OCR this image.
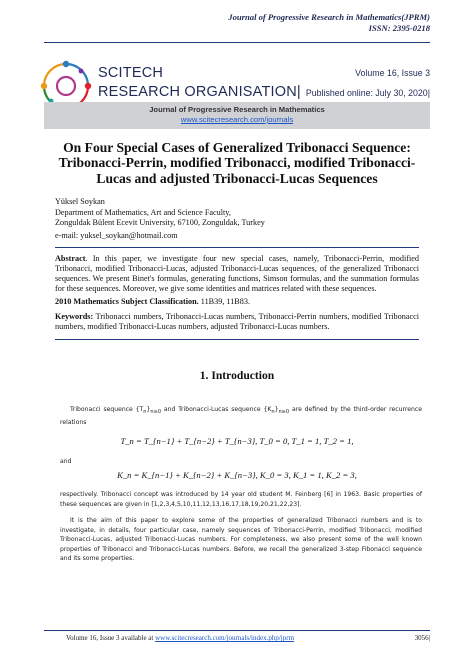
Journal of Progressive Research in Mathematics(JPRM)
ISSN: 2395-0218
SCITECH
RESEARCH ORGANISATION|
Volume 16, Issue 3
Published online: July 30, 2020|
Journal of Progressive Research in Mathematics
www.scitecresearch.com/journals
On Four Special Cases of Generalized Tribonacci Sequence:
Tribonacci-Perrin, modified Tribonacci, modified Tribonacci-
Lucas and adjusted Tribonacci-Lucas Sequences
Yüksel Soykan
Department of Mathematics, Art and Science Faculty,
Zonguldak Bülent Ecevit University, 67100, Zonguldak, Turkey
e-mail: yuksel_soykan@hotmail.com
Abstract. In this paper, we investigate four new special cases, namely, Tribonacci-Perrin, modified Tribonacci, modified Tribonacci-Lucas, adjusted Tribonacci-Lucas sequences, of the generalized Tribonacci sequences. We present Binet's formulas, generating functions, Simson formulas, and the summation formulas for these sequences. Moreover, we give some identities and matrices related with these sequences.
2010 Mathematics Subject Classification. 11B39, 11B83.
Keywords: Tribonacci numbers, Tribonacci-Lucas numbers, Tribonacci-Perrin numbers, modified Tribonacci numbers, modified Tribonacci-Lucas numbers, adjusted Tribonacci-Lucas numbers.
1. Introduction
Tribonacci sequence $\{T_n\}_{n\ge 0}$ and Tribonacci-Lucas sequence $\{K_n\}_{n\ge 0}$ are defined by the third-order recurrence relations
T_n = T_{n−1} + T_{n−2} + T_{n−3}, T_0 = 0, T_1 = 1, T_2 = 1,
and
K_n = K_{n−1} + K_{n−2} + K_{n−3}, K_0 = 3, K_1 = 1, K_2 = 3,
respectively. Tribonacci concept was introduced by 14 year old student M. Feinberg [6] in 1963. Basic properties of these sequences are given in [1,2,3,4,5,10,11,12,13,16,17,18,19,20,21,22,23].
It is the aim of this paper to explore some of the properties of generalized Tribonacci numbers and is to investigate, in details, four particular case, namely sequences of Tribonacci-Perrin, modified Tribonacci, modified Tribonacci-Lucas, adjusted Tribonacci-Lucas numbers. For completeness, we also present some of the well known properties of Tribonacci and Tribonacci-Lucas numbers. Before, we recall the generalized 3-step Fibonacci sequence and its some properties.
Volume 16, Issue 3 available at www.scitecresearch.com/journals/index.php/jprm	3056|
